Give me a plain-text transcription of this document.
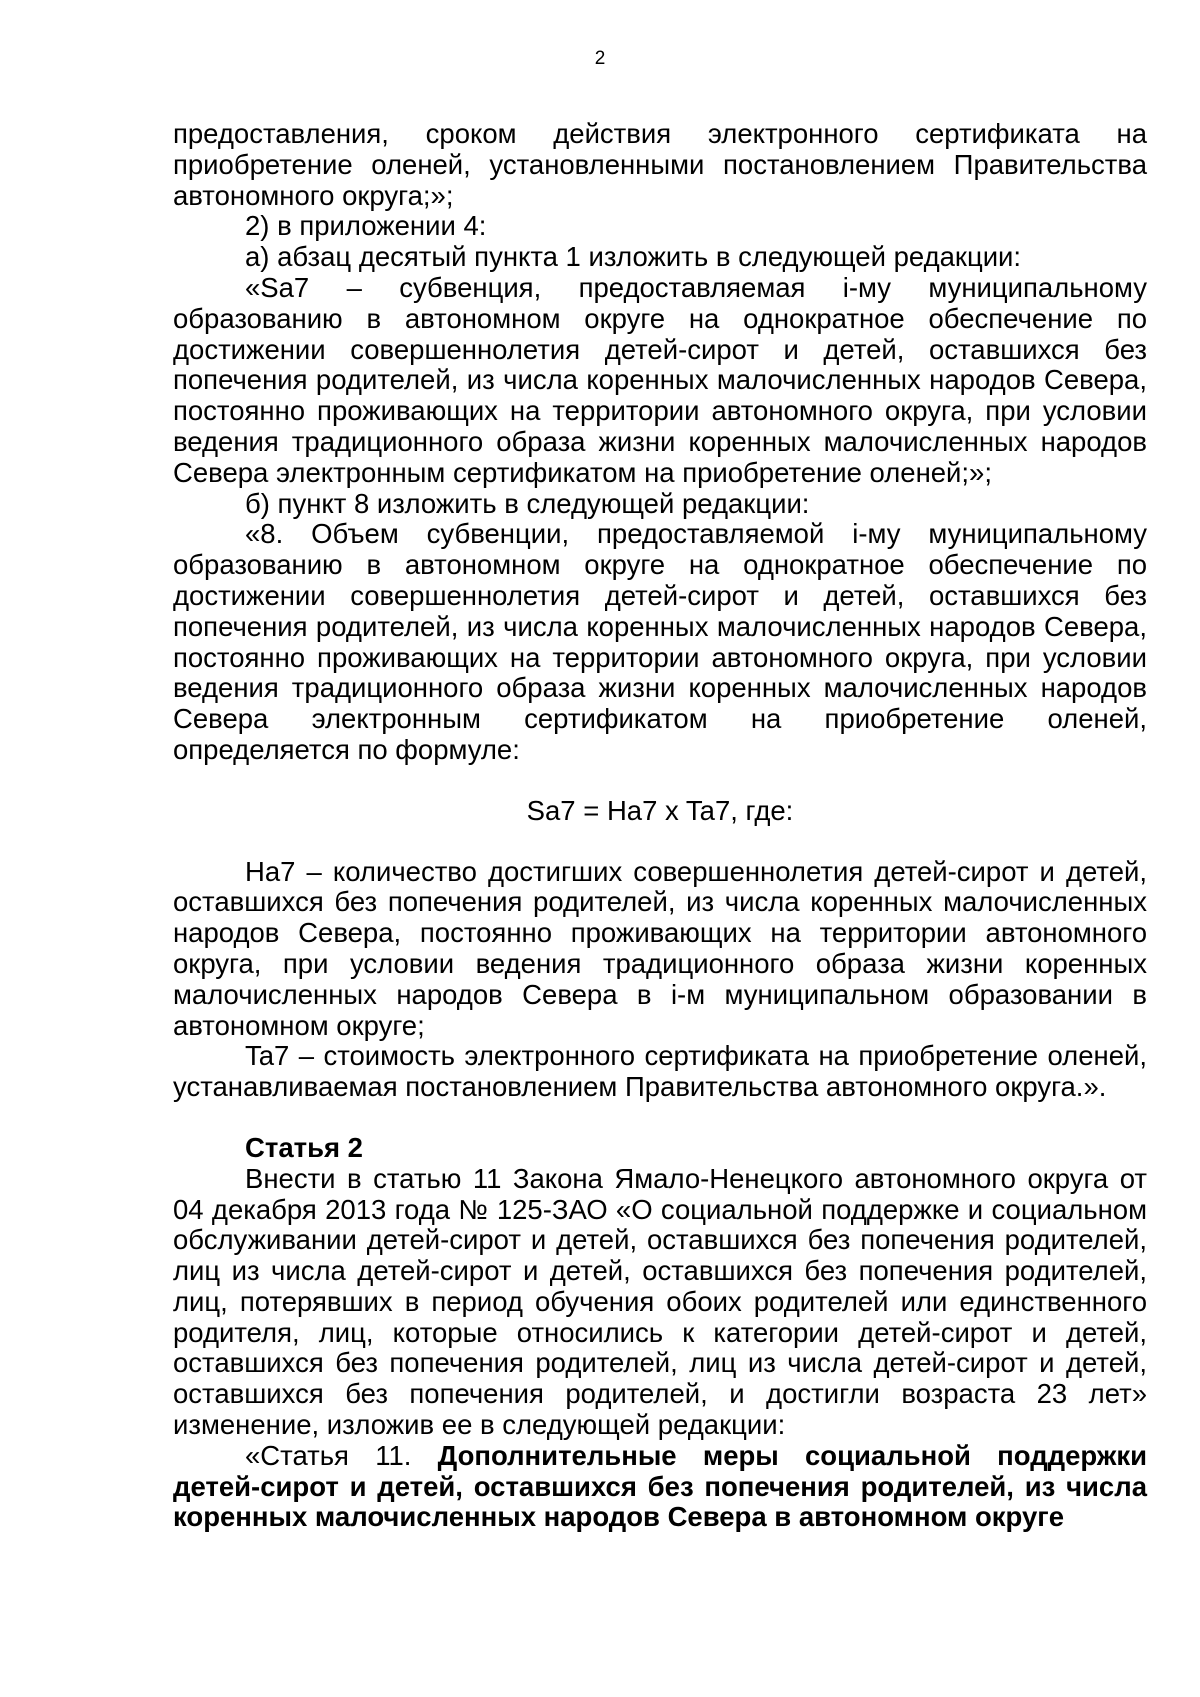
2

предоставления, сроком действия электронного сертификата на приобретение оленей, установленными постановлением Правительства автономного округа;»;

2) в приложении 4:

а) абзац десятый пункта 1 изложить в следующей редакции:

«Sa7 – субвенция, предоставляемая i-му муниципальному образованию в автономном округе на однократное обеспечение по достижении совершеннолетия детей-сирот и детей, оставшихся без попечения родителей, из числа коренных малочисленных народов Севера, постоянно проживающих на территории автономного округа, при условии ведения традиционного образа жизни коренных малочисленных народов Севера электронным сертификатом на приобретение оленей;»;

б) пункт 8 изложить в следующей редакции:

«8. Объем субвенции, предоставляемой i-му муниципальному образованию в автономном округе на однократное обеспечение по достижении совершеннолетия детей-сирот и детей, оставшихся без попечения родителей, из числа коренных малочисленных народов Севера, постоянно проживающих на территории автономного округа, при условии ведения традиционного образа жизни коренных малочисленных народов Севера электронным сертификатом на приобретение оленей, определяется по формуле:

Sa7 = Ha7 x Ta7, где:

Ha7 – количество достигших совершеннолетия детей-сирот и детей, оставшихся без попечения родителей, из числа коренных малочисленных народов Севера, постоянно проживающих на территории автономного округа, при условии ведения традиционного образа жизни коренных малочисленных народов Севера в i-м муниципальном образовании в автономном округе;

Ta7 – стоимость электронного сертификата на приобретение оленей, устанавливаемая постановлением Правительства автономного округа.».

Статья 2

Внести в статью 11 Закона Ямало-Ненецкого автономного округа от 04 декабря 2013 года № 125-ЗАО «О социальной поддержке и социальном обслуживании детей-сирот и детей, оставшихся без попечения родителей, лиц из числа детей-сирот и детей, оставшихся без попечения родителей, лиц, потерявших в период обучения обоих родителей или единственного родителя, лиц, которые относились к категории детей-сирот и детей, оставшихся без попечения родителей, лиц из числа детей-сирот и детей, оставшихся без попечения родителей, и достигли возраста 23 лет» изменение, изложив ее в следующей редакции:

«Статья 11. Дополнительные меры социальной поддержки детей-сирот и детей, оставшихся без попечения родителей, из числа коренных малочисленных народов Севера в автономном округе
